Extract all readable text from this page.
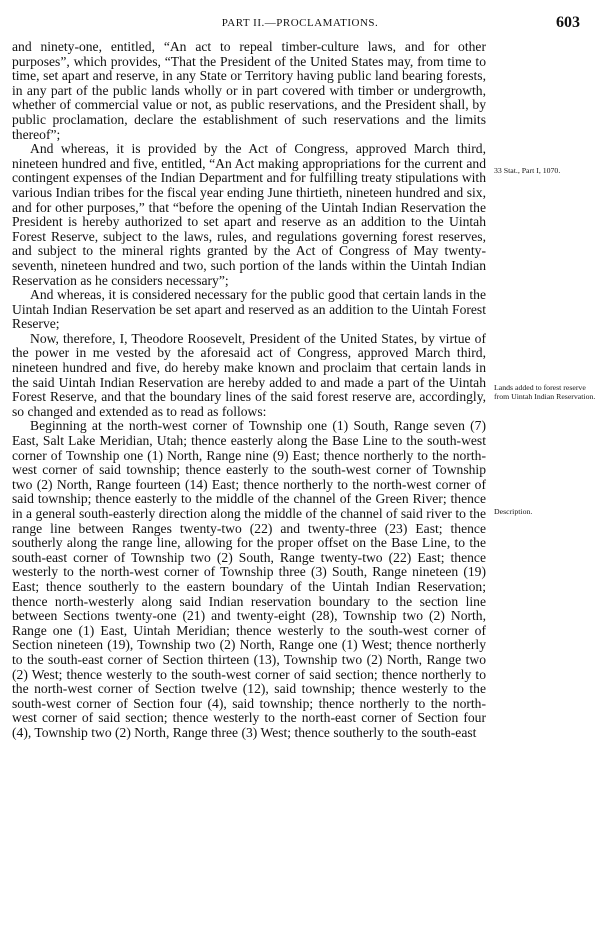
PART II.—PROCLAMATIONS.	603

and ninety-one, entitled, “An act to repeal timber-culture laws, and for other purposes”, which provides, “That the President of the United States may, from time to time, set apart and reserve, in any State or Territory having public land bearing forests, in any part of the public lands wholly or in part covered with timber or undergrowth, whether of commercial value or not, as public reservations, and the President shall, by public proclamation, declare the establishment of such reservations and the limits thereof”;

And whereas, it is provided by the Act of Congress, approved March third, nineteen hundred and five, entitled, “An Act making appropriations for the current and contingent expenses of the Indian Department and for fulfilling treaty stipulations with various Indian tribes for the fiscal year ending June thirtieth, nineteen hundred and six, and for other purposes,” that “before the opening of the Uintah Indian Reservation the President is hereby authorized to set apart and reserve as an addition to the Uintah Forest Reserve, subject to the laws, rules, and regulations governing forest reserves, and subject to the mineral rights granted by the Act of Congress of May twenty-seventh, nineteen hundred and two, such portion of the lands within the Uintah Indian Reservation as he considers necessary”;

And whereas, it is considered necessary for the public good that certain lands in the Uintah Indian Reservation be set apart and reserved as an addition to the Uintah Forest Reserve;

Now, therefore, I, Theodore Roosevelt, President of the United States, by virtue of the power in me vested by the aforesaid act of Congress, approved March third, nineteen hundred and five, do hereby make known and proclaim that certain lands in the said Uintah Indian Reservation are hereby added to and made a part of the Uintah Forest Reserve, and that the boundary lines of the said forest reserve are, accordingly, so changed and extended as to read as follows:

Beginning at the north-west corner of Township one (1) South, Range seven (7) East, Salt Lake Meridian, Utah; thence easterly along the Base Line to the south-west corner of Township one (1) North, Range nine (9) East; thence northerly to the north-west corner of said township; thence easterly to the south-west corner of Township two (2) North, Range fourteen (14) East; thence northerly to the north-west corner of said township; thence easterly to the middle of the channel of the Green River; thence in a general south-easterly direction along the middle of the channel of said river to the range line between Ranges twenty-two (22) and twenty-three (23) East; thence southerly along the range line, allowing for the proper offset on the Base Line, to the south-east corner of Township two (2) South, Range twenty-two (22) East; thence westerly to the north-west corner of Township three (3) South, Range nineteen (19) East; thence southerly to the eastern boundary of the Uintah Indian Reservation; thence north-westerly along said Indian reservation boundary to the section line between Sections twenty-one (21) and twenty-eight (28), Township two (2) North, Range one (1) East, Uintah Meridian; thence westerly to the south-west corner of Section nineteen (19), Township two (2) North, Range one (1) West; thence northerly to the south-east corner of Section thirteen (13), Township two (2) North, Range two (2) West; thence westerly to the south-west corner of said section; thence northerly to the north-west corner of Section twelve (12), said township; thence westerly to the south-west corner of Section four (4), said township; thence northerly to the north-west corner of said section; thence westerly to the north-east corner of Section four (4), Township two (2) North, Range three (3) West; thence southerly to the south-east

33 Stat., Part I, 1070.
Lands added to forest reserve from Uintah Indian Reservation.
Description.
